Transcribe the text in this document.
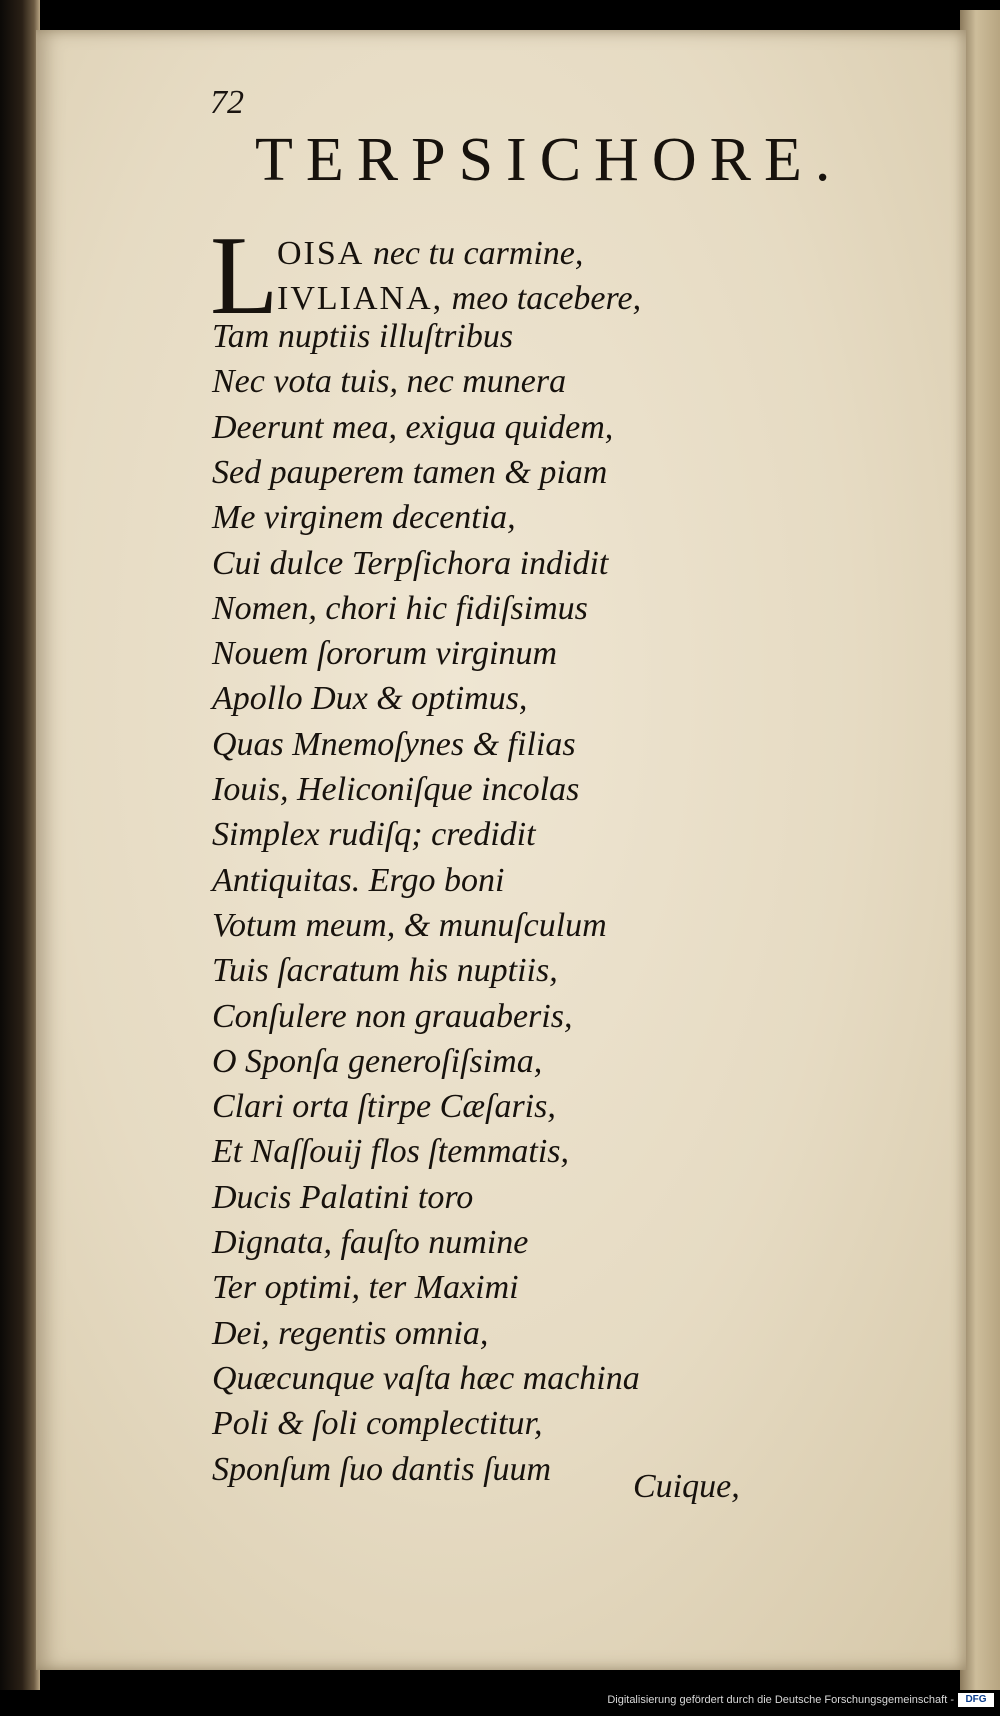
72
TERPSICHORE.
L
OISA nec tu carmine,
IVLIANA, meo tacebere,
Tam nuptiis illuſtribus
Nec vota tuis, nec munera
Deerunt mea, exigua quidem,
Sed pauperem tamen & piam
Me virginem decentia,
Cui dulce Terpſichora indidit
Nomen, chori hic fidiſsimus
Nouem ſororum virginum
Apollo Dux & optimus,
Quas Mnemoſynes & filias
Iouis, Heliconiſque incolas
Simplex rudiſq; credidit
Antiquitas. Ergo boni
Votum meum, & munuſculum
Tuis ſacratum his nuptiis,
Conſulere non grauaberis,
O Sponſa generoſiſsima,
Clari orta ſtirpe Cæſaris,
Et Naſſouij flos ſtemmatis,
Ducis Palatini toro
Dignata, fauſto numine
Ter optimi, ter Maximi
Dei, regentis omnia,
Quæcunque vaſta hæc machina
Poli & ſoli complectitur,
Sponſum ſuo dantis ſuum Cuique,
Digitalisierung gefördert durch die Deutsche Forschungsgemeinschaft -	DFG
